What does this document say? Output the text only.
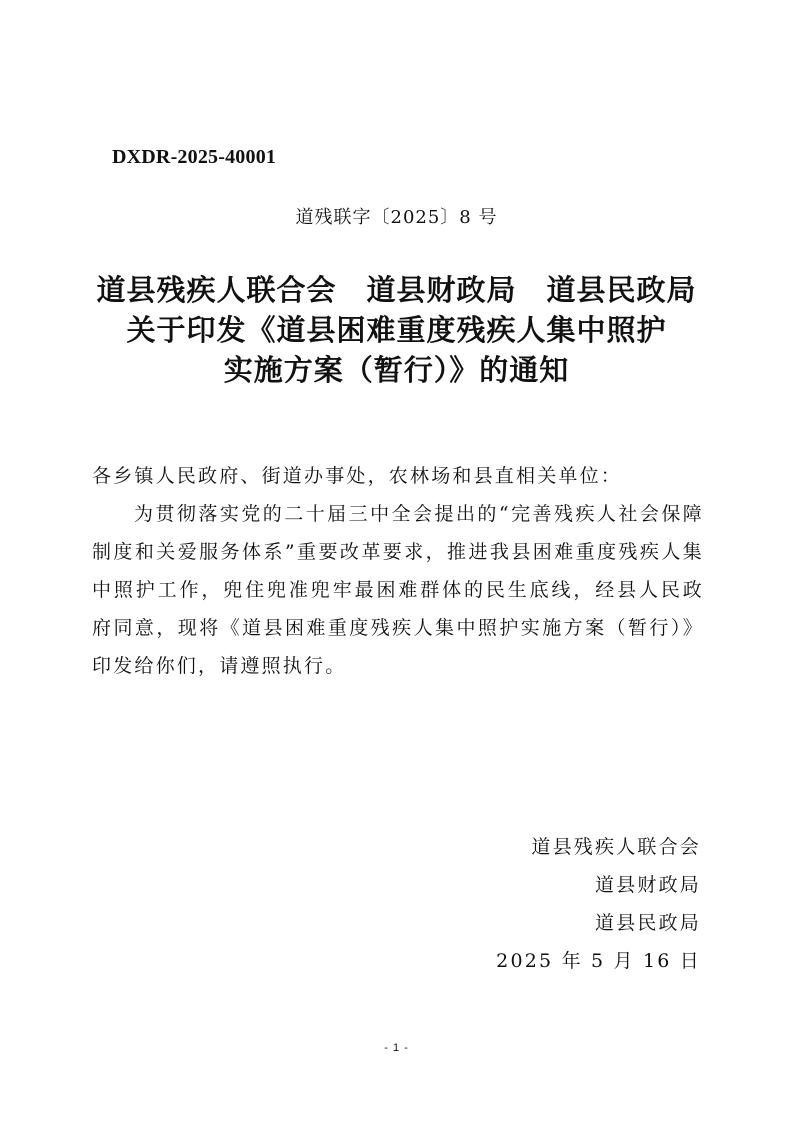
DXDR-2025-40001
道残联字〔2025〕8 号
道县残疾人联合会　道县财政局　道县民政局
关于印发《道县困难重度残疾人集中照护
实施方案（暂行）》的通知
各乡镇人民政府、街道办事处，农林场和县直相关单位：
为贯彻落实党的二十届三中全会提出的“完善残疾人社会保障制度和关爱服务体系”重要改革要求，推进我县困难重度残疾人集中照护工作，兜住兜准兜牢最困难群体的民生底线，经县人民政府同意，现将《道县困难重度残疾人集中照护实施方案（暂行）》印发给你们，请遵照执行。
道县残疾人联合会
道县财政局
道县民政局
2025 年 5 月 16 日
- 1 -
